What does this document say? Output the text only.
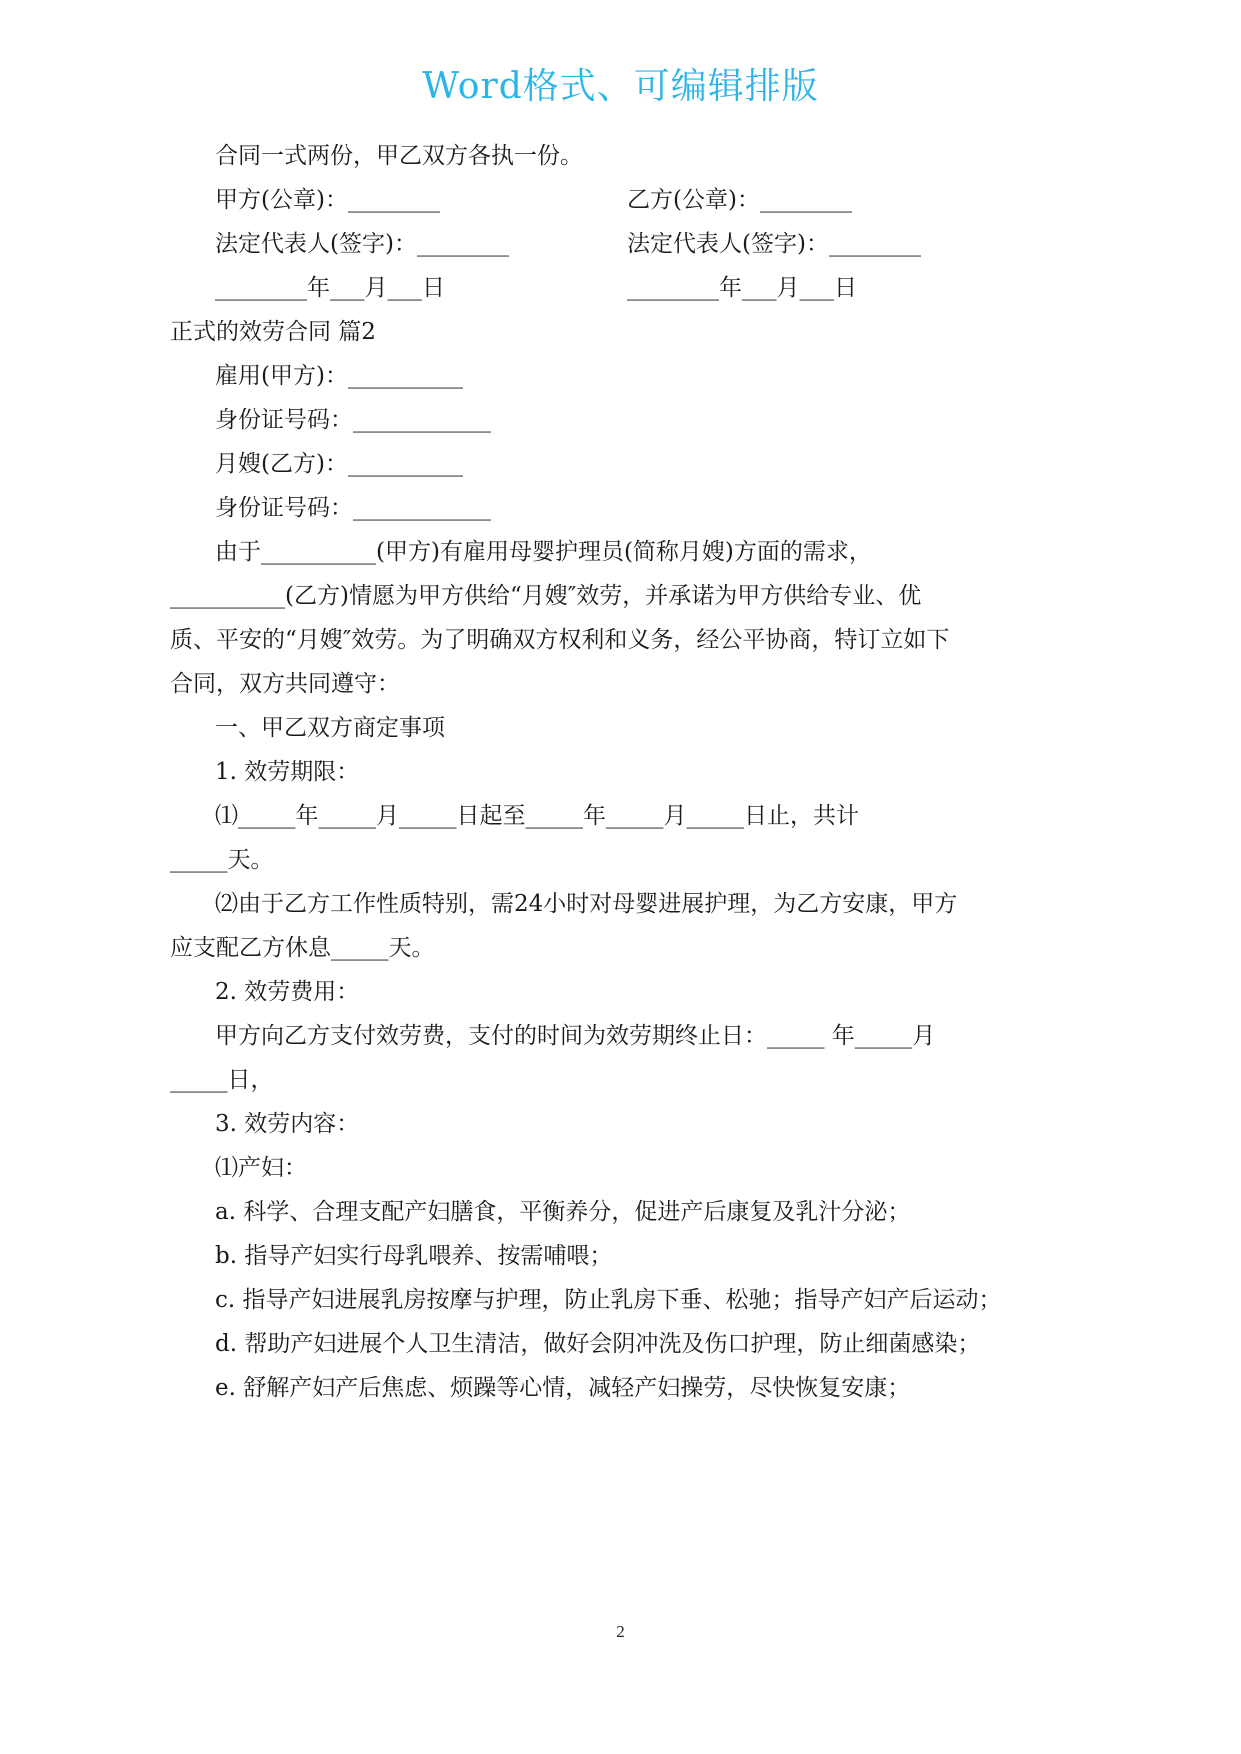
Word格式、可编辑排版
合同一式两份，甲乙双方各执一份。
甲方(公章)：________	乙方(公章)：________
法定代表人(签字)：________	法定代表人(签字)：________
________年___月___日	________年___月___日
正式的效劳合同 篇2
雇用(甲方)：__________
身份证号码：____________
月嫂(乙方)：__________
身份证号码：____________
由于__________(甲方)有雇用母婴护理员(简称月嫂)方面的需求，
__________(乙方)情愿为甲方供给“月嫂″效劳，并承诺为甲方供给专业、优
质、平安的“月嫂″效劳。为了明确双方权利和义务，经公平协商，特订立如下
合同，双方共同遵守：
一、甲乙双方商定事项
1. 效劳期限：
⑴_____年_____月_____日起至_____年_____月_____日止，共计
_____天。
⑵由于乙方工作性质特别，需24小时对母婴进展护理，为乙方安康，甲方
应支配乙方休息_____天。
2. 效劳费用：
甲方向乙方支付效劳费，支付的时间为效劳期终止日：_____ 年_____月
_____日，
3. 效劳内容：
⑴产妇：
a. 科学、合理支配产妇膳食，平衡养分，促进产后康复及乳汁分泌；
b. 指导产妇实行母乳喂养、按需哺喂；
c. 指导产妇进展乳房按摩与护理，防止乳房下垂、松驰；指导产妇产后运动；
d. 帮助产妇进展个人卫生清洁，做好会阴冲洗及伤口护理，防止细菌感染；
e. 舒解产妇产后焦虑、烦躁等心情，减轻产妇操劳，尽快恢复安康；
2
